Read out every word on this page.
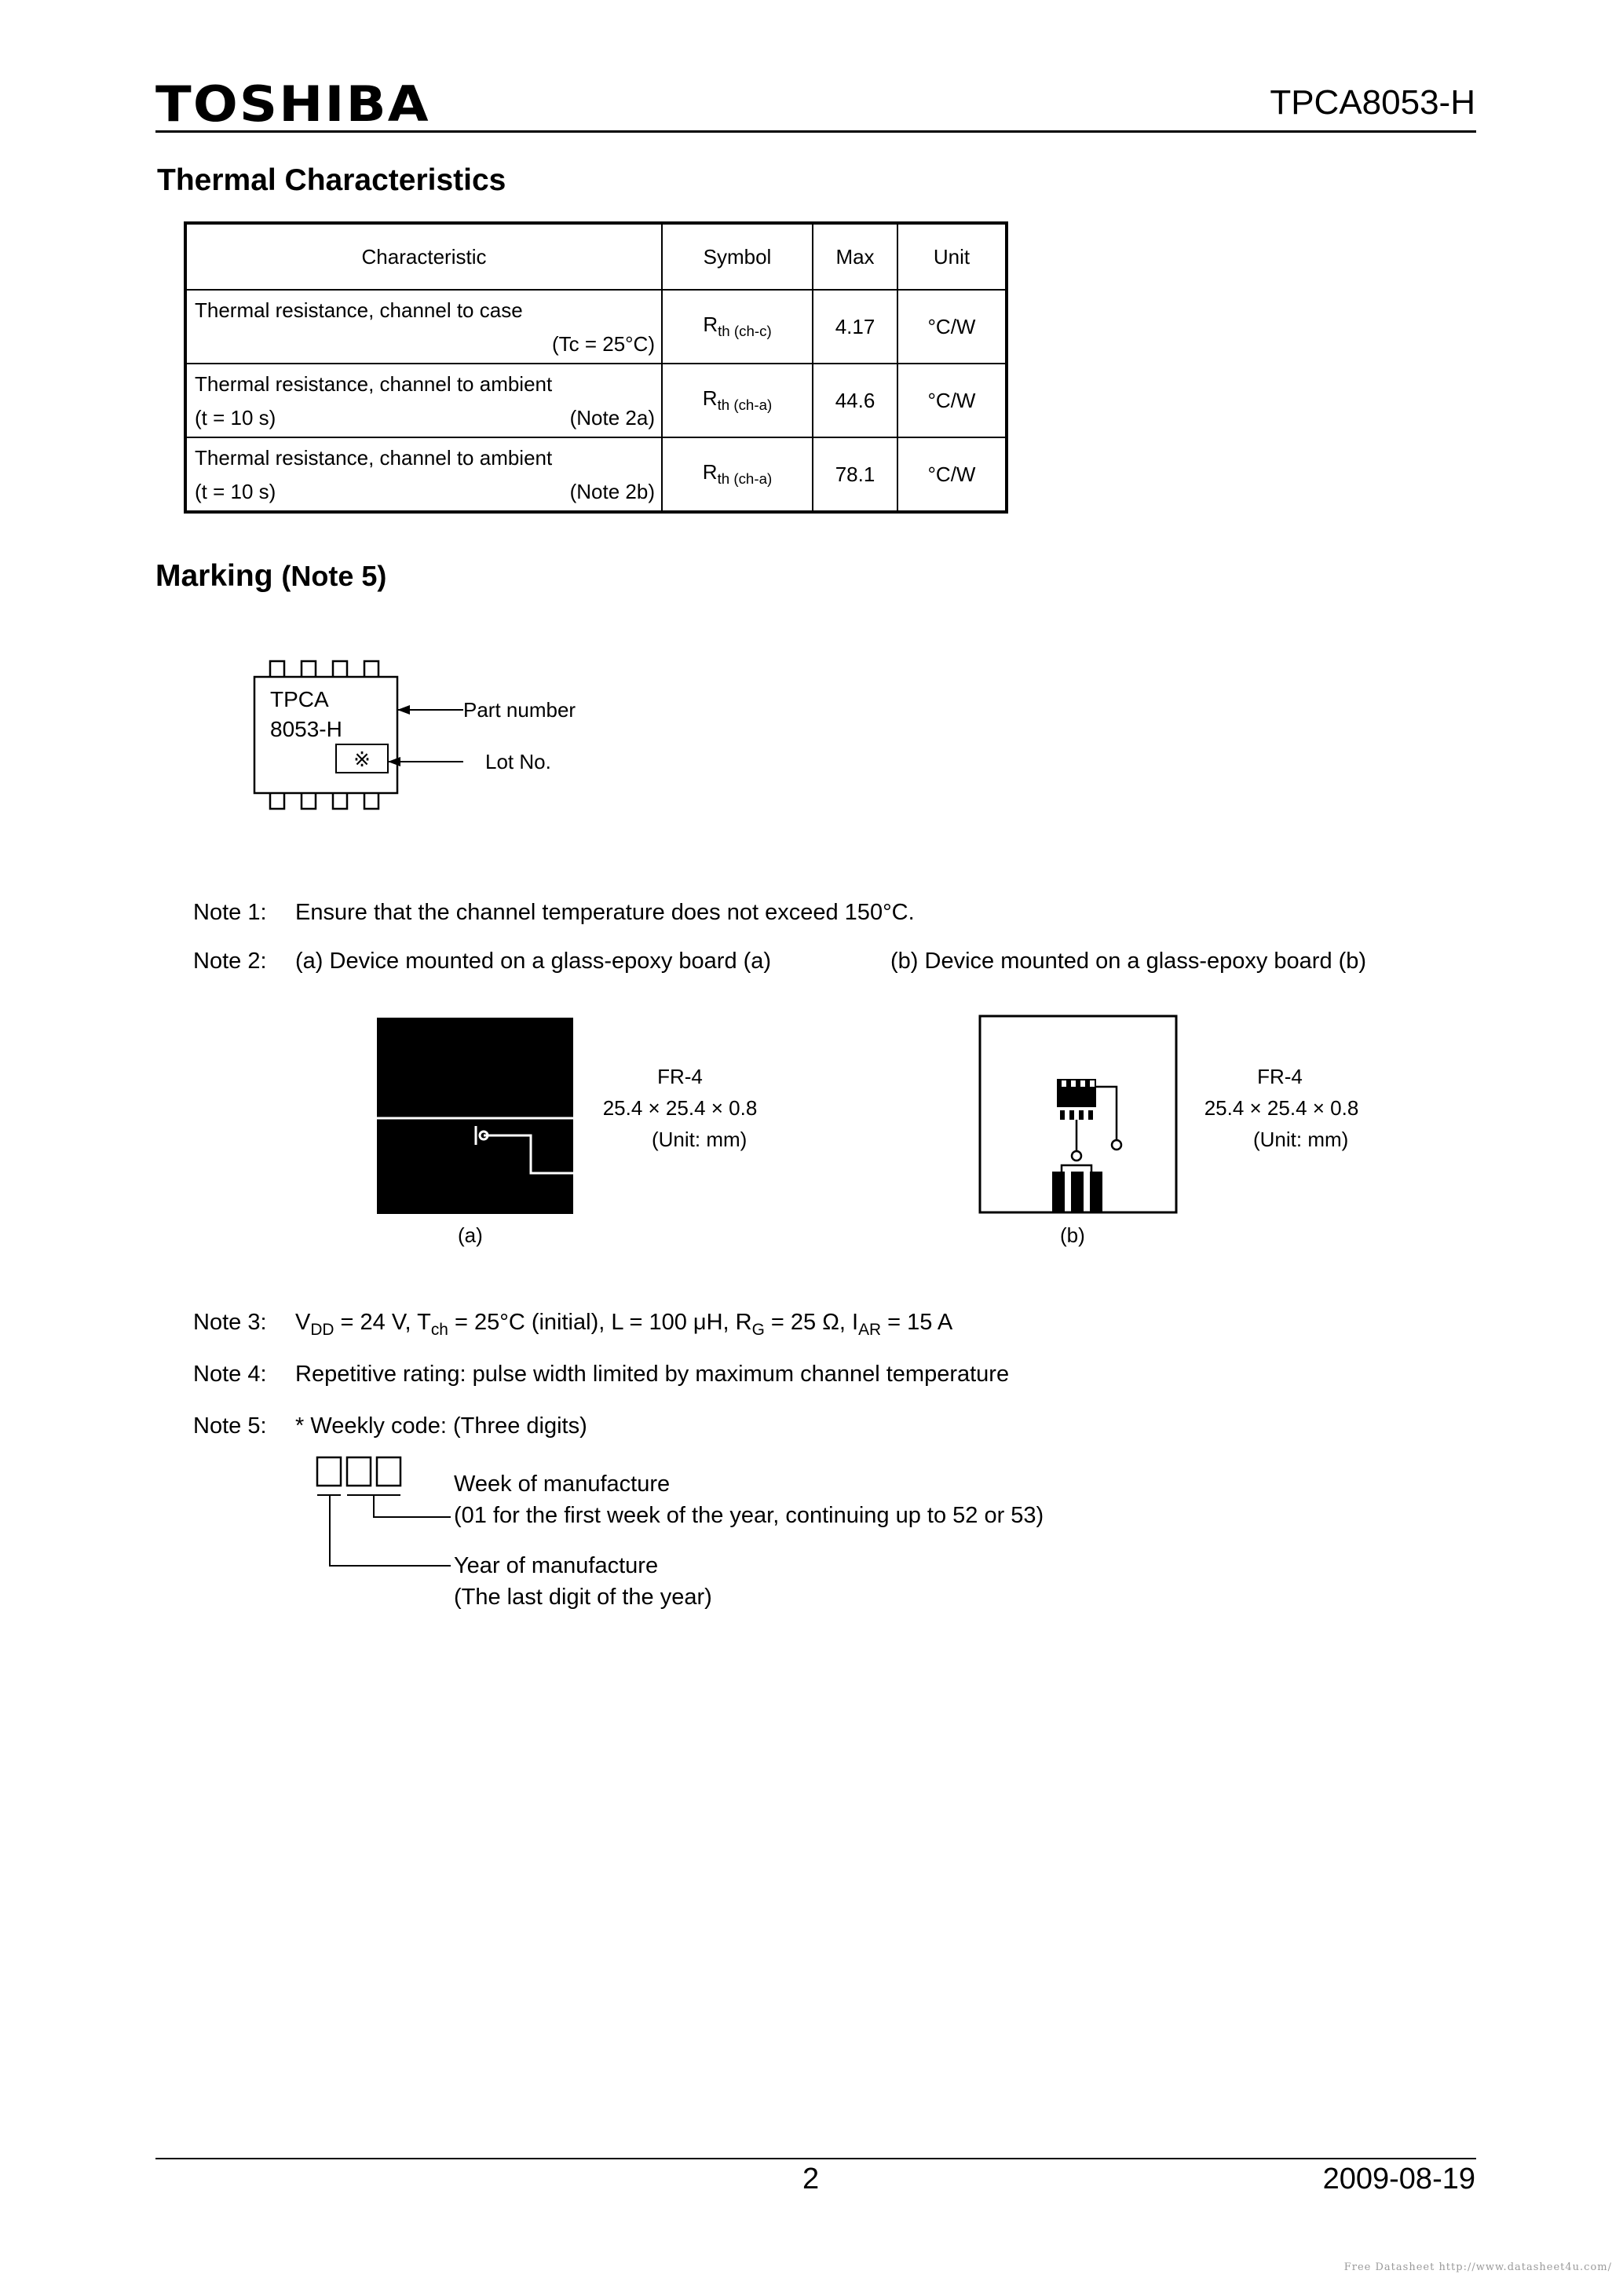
TOSHIBA	TPCA8053-H
Thermal Characteristics
Characteristic	Symbol	Max	Unit

Thermal resistance, channel to case
(Tc = 25°C)	$R_{th (ch-c)}$	4.17	°C/W

Thermal resistance, channel to ambient
(t = 10 s) (Note 2a)	$R_{th (ch-a)}$	44.6	°C/W

Thermal resistance, channel to ambient
(t = 10 s) (Note 2b)	$R_{th (ch-a)}$	78.1	°C/W
Marking (Note 5)
TPCA
8053-H
※
Part number
Lot No.
Note 1: Ensure that the channel temperature does not exceed 150°C.
Note 2: (a) Device mounted on a glass-epoxy board (a)	(b) Device mounted on a glass-epoxy board (b)
FR-4
25.4 × 25.4 × 0.8
(Unit: mm)
(a)
FR-4
25.4 × 25.4 × 0.8
(Unit: mm)
(b)
Note 3: $V_{DD} = 24$ V, $T_{ch} = 25^\circ C$ (initial), L = 100 μH, $R_G = 25$ Ω, $I_{AR} = 15$ A
Note 4: Repetitive rating: pulse width limited by maximum channel temperature
Note 5: * Weekly code: (Three digits)
Week of manufacture
(01 for the first week of the year, continuing up to 52 or 53)
Year of manufacture
(The last digit of the year)
2	2009-08-19
Free Datasheet http://www.datasheet4u.com/
